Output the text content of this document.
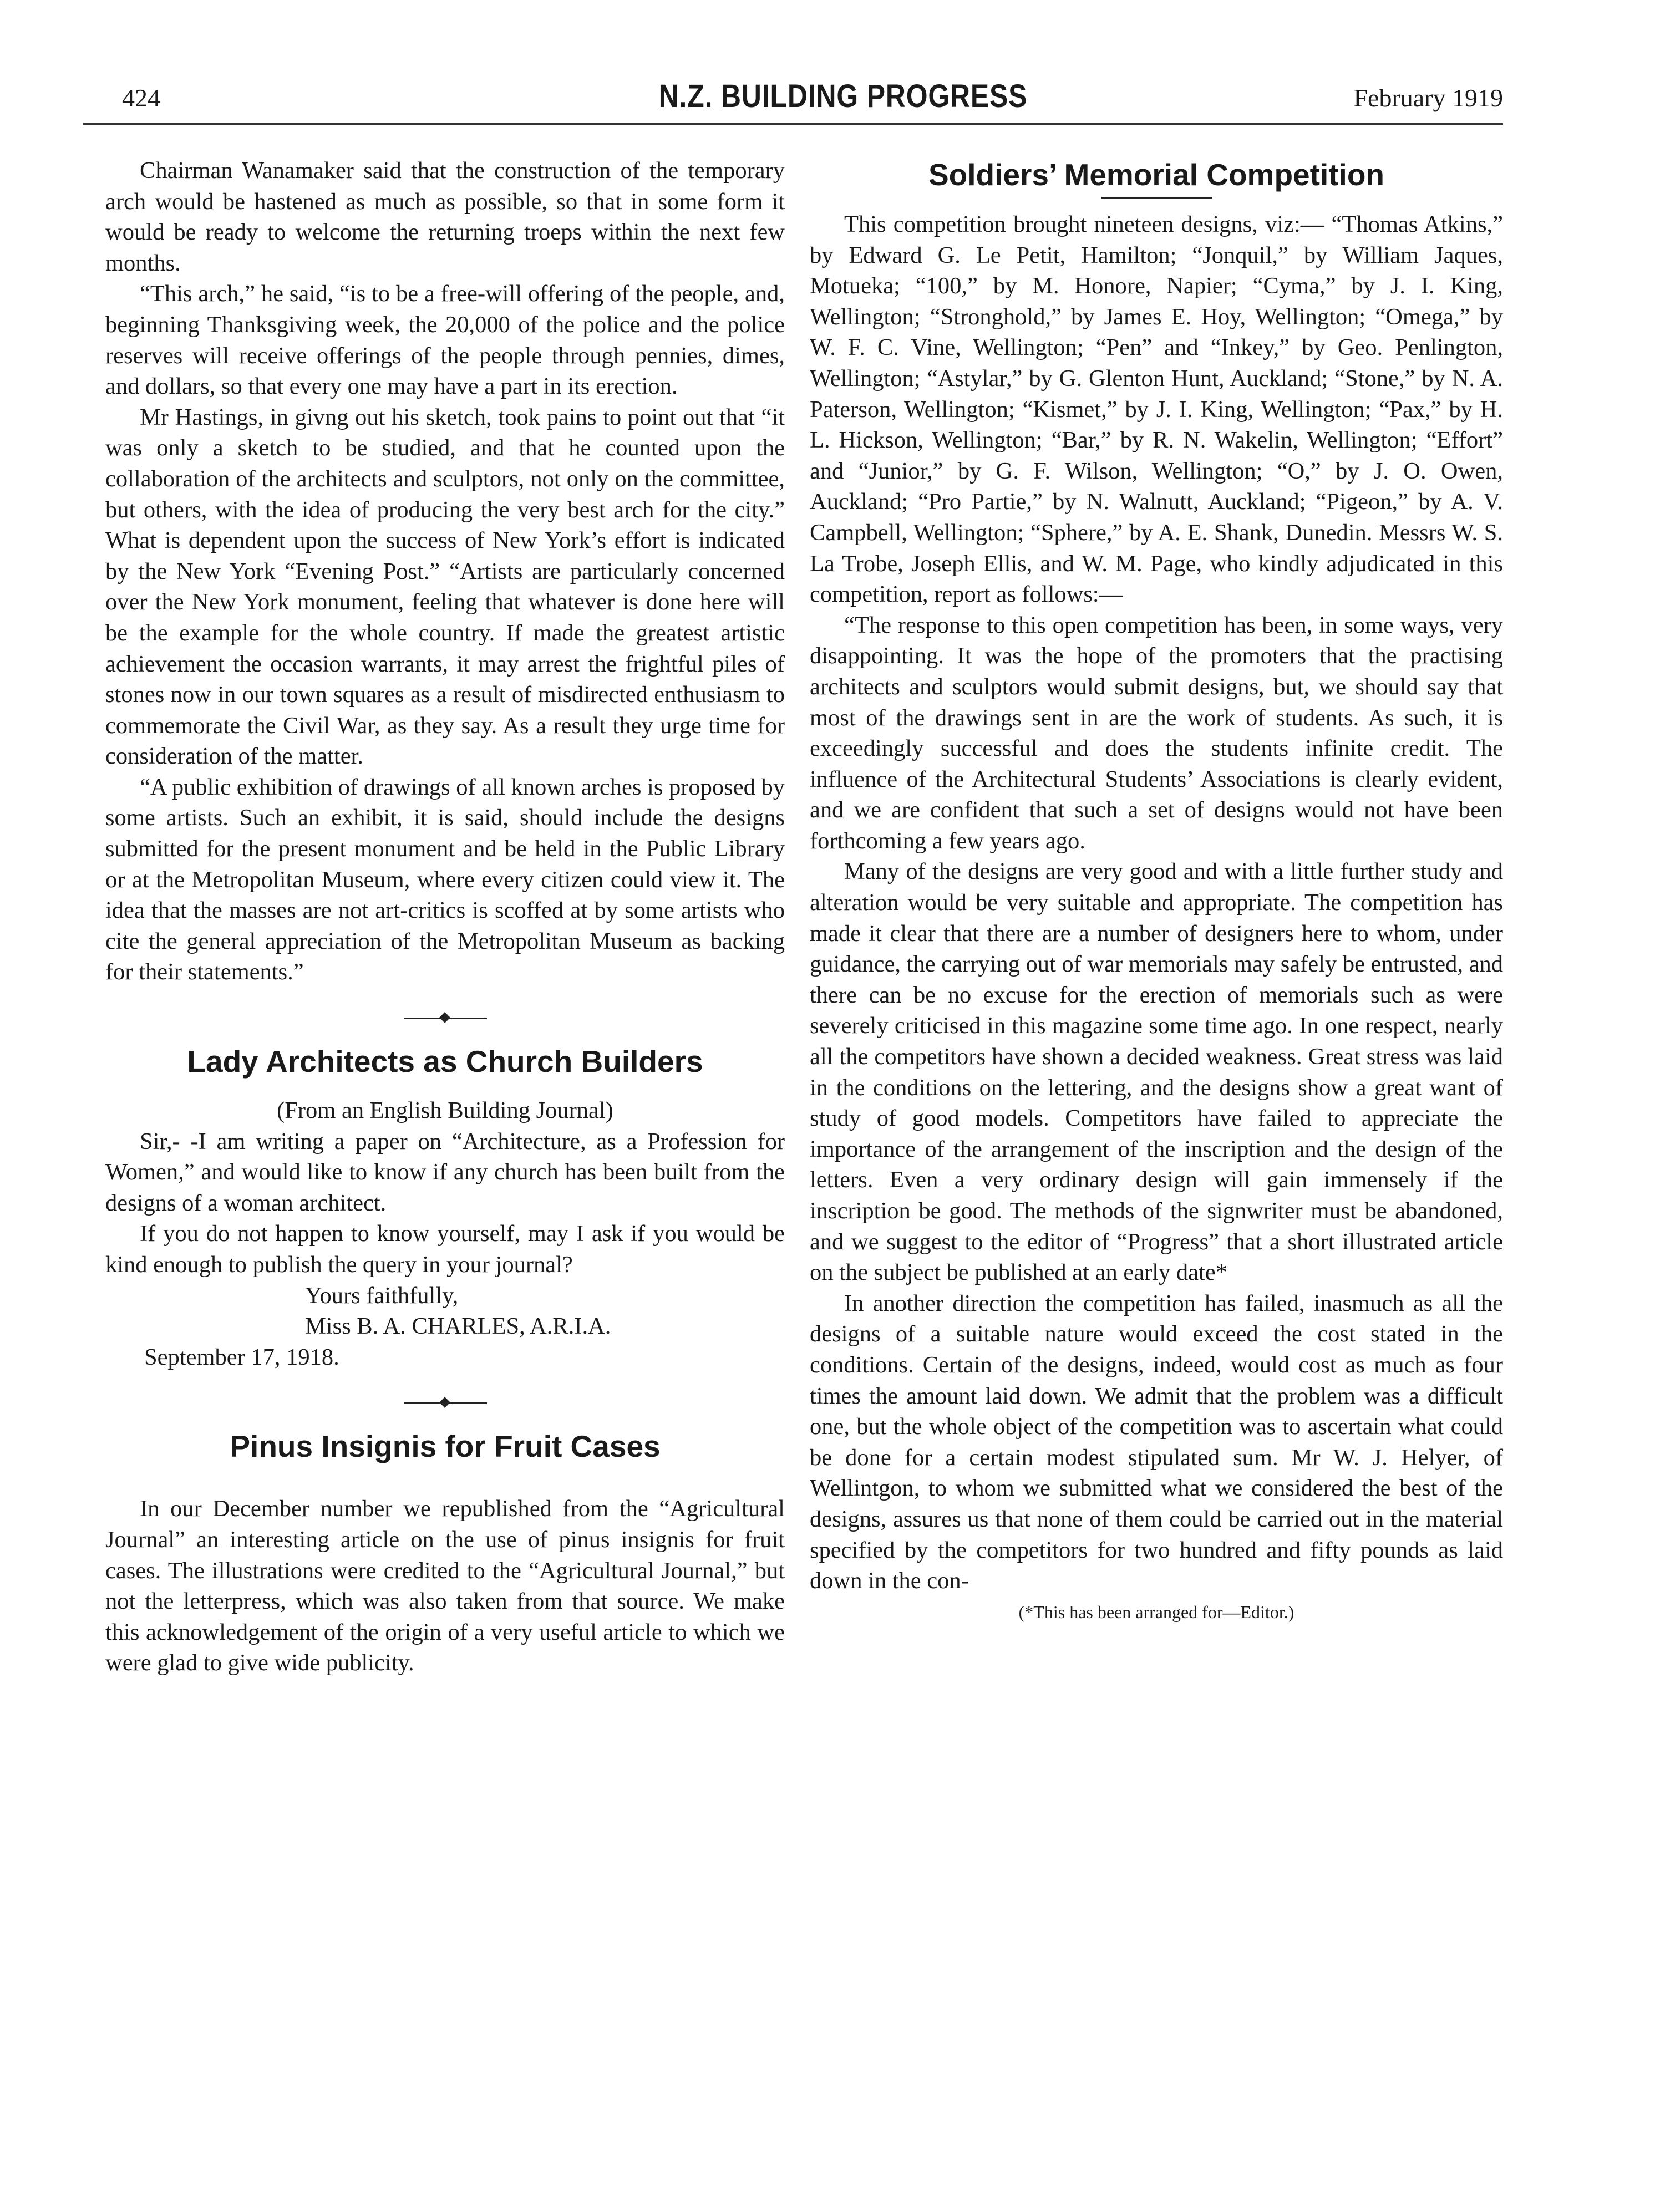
424	N.Z. BUILDING PROGRESS	February 1919

Chairman Wanamaker said that the construction of the temporary arch would be hastened as much as possible, so that in some form it would be ready to welcome the returning troeps within the next few months.

“This arch,” he said, “is to be a free-will offering of the people, and, beginning Thanksgiving week, the 20,000 of the police and the police reserves will receive offerings of the people through pennies, dimes, and dollars, so that every one may have a part in its erection.

Mr Hastings, in givng out his sketch, took pains to point out that “it was only a sketch to be studied, and that he counted upon the collaboration of the architects and sculptors, not only on the committee, but others, with the idea of producing the very best arch for the city.” What is dependent upon the success of New York’s effort is indicated by the New York “Evening Post.” “Artists are particularly concerned over the New York monument, feeling that whatever is done here will be the example for the whole country. If made the greatest artistic achievement the occasion warrants, it may arrest the frightful piles of stones now in our town squares as a result of misdirected enthusiasm to commemorate the Civil War, as they say. As a result they urge time for consideration of the matter.

“A public exhibition of drawings of all known arches is proposed by some artists. Such an exhibit, it is said, should include the designs submitted for the present monument and be held in the Public Library or at the Metropolitan Museum, where every citizen could view it. The idea that the masses are not art-critics is scoffed at by some artists who cite the general appreciation of the Metropolitan Museum as backing for their statements.”

Lady Architects as Church Builders

(From an English Building Journal)

Sir,- -I am writing a paper on “Architecture, as a Profession for Women,” and would like to know if any church has been built from the designs of a woman architect.

If you do not happen to know yourself, may I ask if you would be kind enough to publish the query in your journal?

Yours faithfully,

Miss B. A. CHARLES, A.R.I.A.

September 17, 1918.

Pinus Insignis for Fruit Cases

In our December number we republished from the “Agricultural Journal” an interesting article on the use of pinus insignis for fruit cases. The illustrations were credited to the “Agricultural Journal,” but not the letterpress, which was also taken from that source. We make this acknowledgement of the origin of a very useful article to which we were glad to give wide publicity.

Soldiers’ Memorial Competition

This competition brought nineteen designs, viz:— “Thomas Atkins,” by Edward G. Le Petit, Hamilton; “Jonquil,” by William Jaques, Motueka; “100,” by M. Honore, Napier; “Cyma,” by J. I. King, Wellington; “Stronghold,” by James E. Hoy, Wellington; “Omega,” by W. F. C. Vine, Wellington; “Pen” and “Inkey,” by Geo. Penlington, Wellington; “Astylar,” by G. Glenton Hunt, Auckland; “Stone,” by N. A. Paterson, Wellington; “Kismet,” by J. I. King, Wellington; “Pax,” by H. L. Hickson, Wellington; “Bar,” by R. N. Wakelin, Wellington; “Effort” and “Junior,” by G. F. Wilson, Wellington; “O,” by J. O. Owen, Auckland; “Pro Partie,” by N. Walnutt, Auckland; “Pigeon,” by A. V. Campbell, Wellington; “Sphere,” by A. E. Shank, Dunedin. Messrs W. S. La Trobe, Joseph Ellis, and W. M. Page, who kindly adjudicated in this competition, report as follows:—

“The response to this open competition has been, in some ways, very disappointing. It was the hope of the promoters that the practising architects and sculptors would submit designs, but, we should say that most of the drawings sent in are the work of students. As such, it is exceedingly successful and does the students infinite credit. The influence of the Architectural Students’ Associations is clearly evident, and we are confident that such a set of designs would not have been forthcoming a few years ago.

Many of the designs are very good and with a little further study and alteration would be very suitable and appropriate. The competition has made it clear that there are a number of designers here to whom, under guidance, the carrying out of war memorials may safely be entrusted, and there can be no excuse for the erection of memorials such as were severely criticised in this magazine some time ago. In one respect, nearly all the competitors have shown a decided weakness. Great stress was laid in the conditions on the lettering, and the designs show a great want of study of good models. Competitors have failed to appreciate the importance of the arrangement of the inscription and the design of the letters. Even a very ordinary design will gain immensely if the inscription be good. The methods of the signwriter must be abandoned, and we suggest to the editor of “Progress” that a short illustrated article on the subject be published at an early date*

In another direction the competition has failed, inasmuch as all the designs of a suitable nature would exceed the cost stated in the conditions. Certain of the designs, indeed, would cost as much as four times the amount laid down. We admit that the problem was a difficult one, but the whole object of the competition was to ascertain what could be done for a certain modest stipulated sum. Mr W. J. Helyer, of Wellintgon, to whom we submitted what we considered the best of the designs, assures us that none of them could be carried out in the material specified by the competitors for two hundred and fifty pounds as laid down in the con-

(*This has been arranged for—Editor.)
